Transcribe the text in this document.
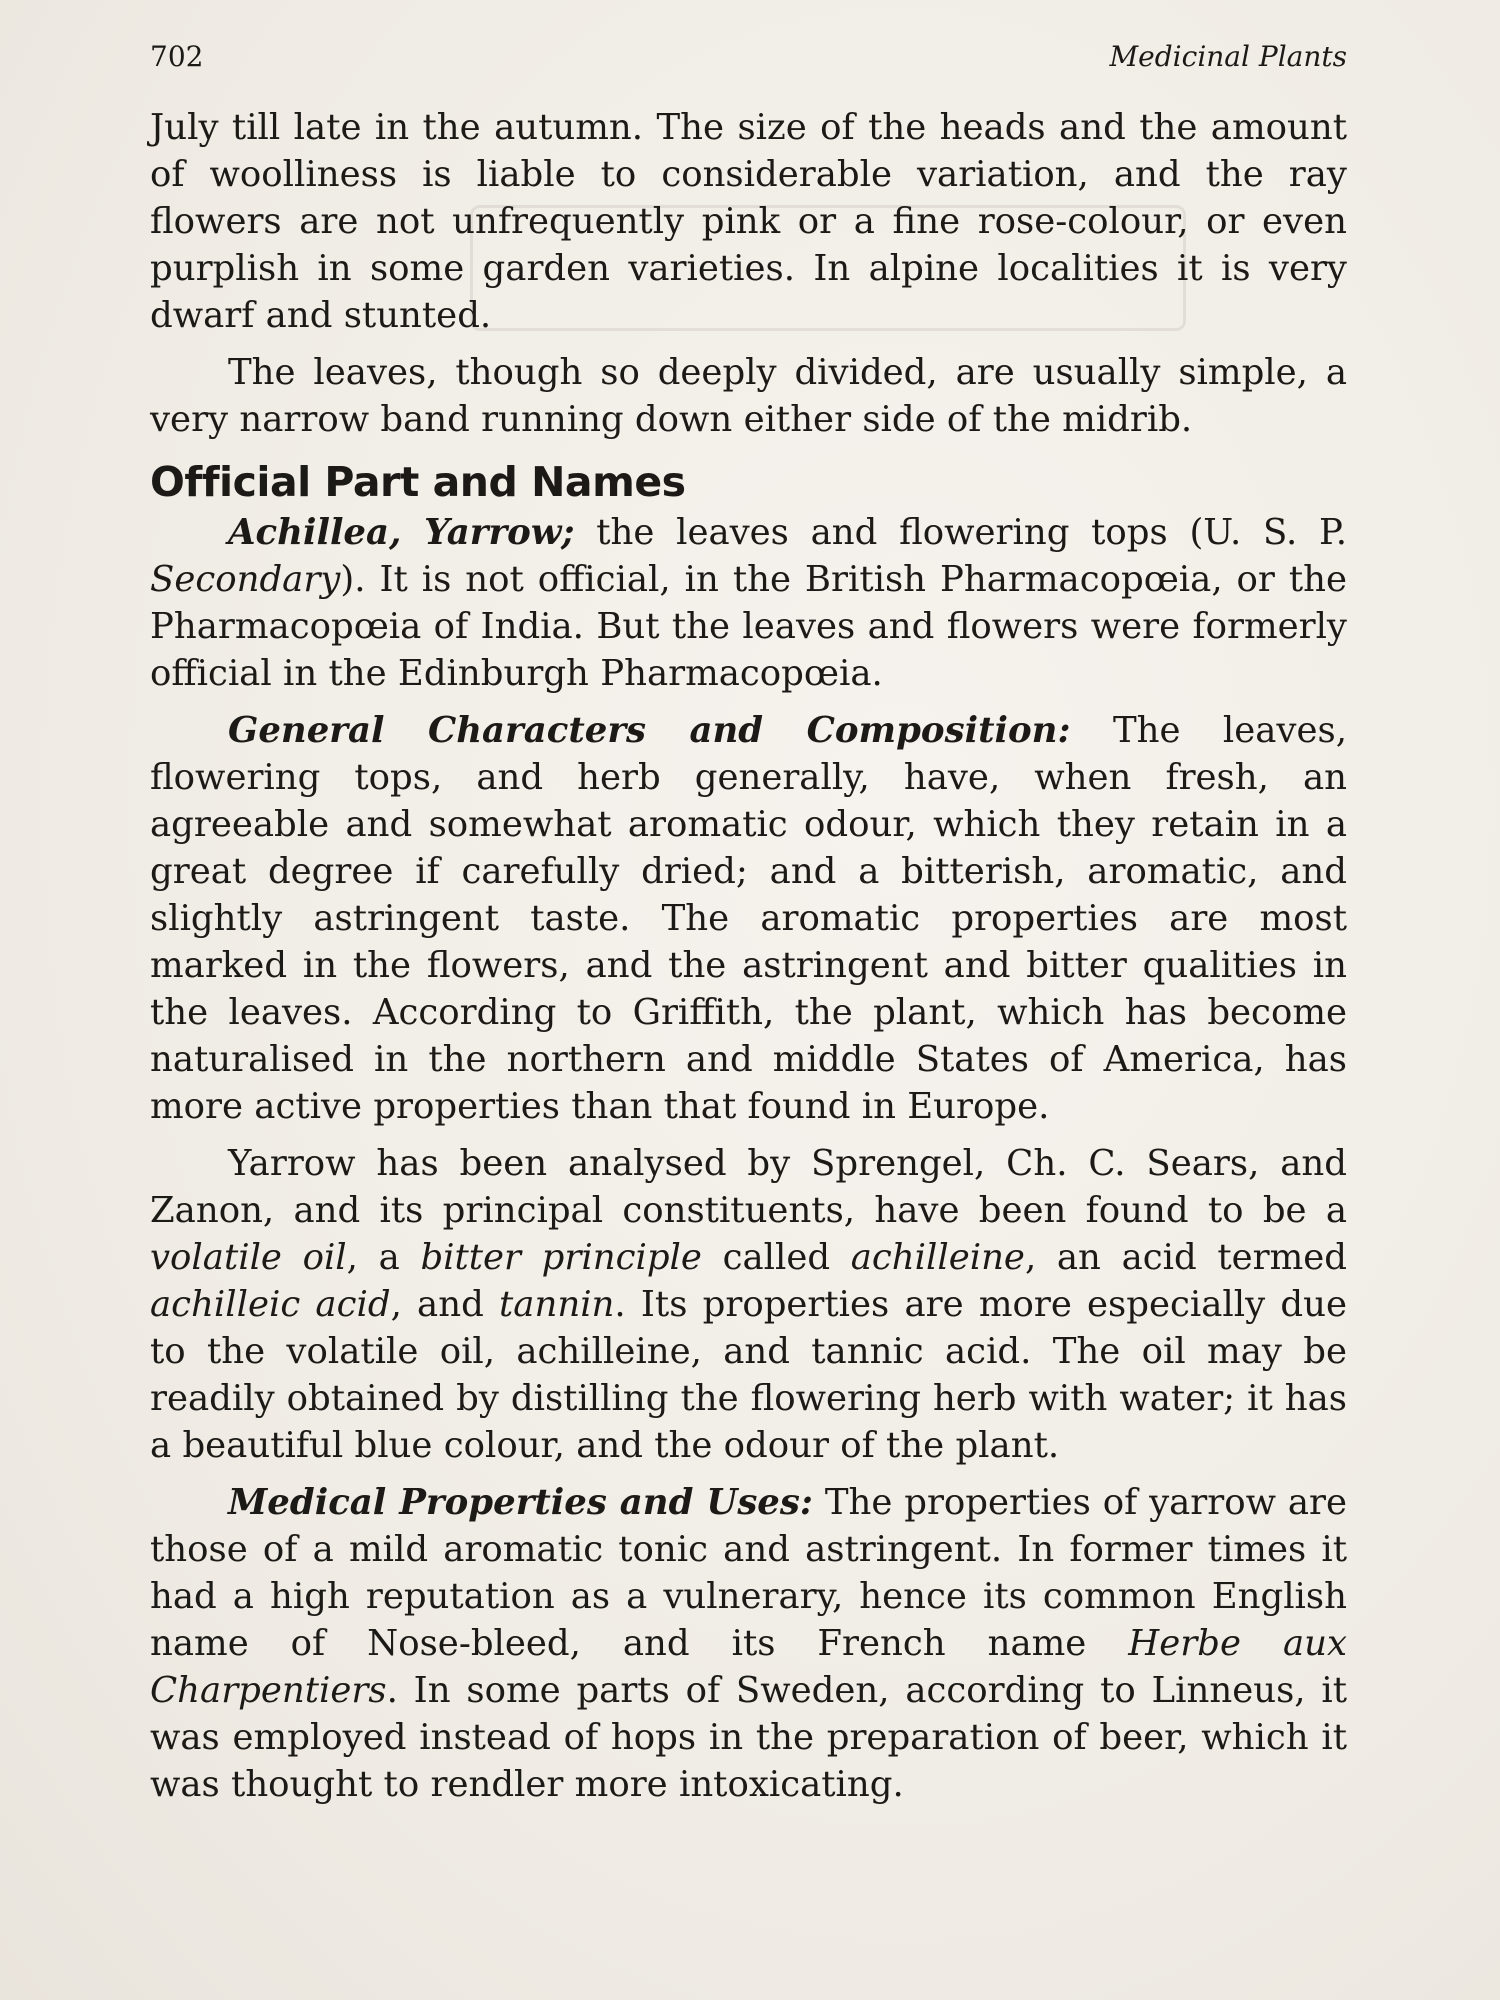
702	Medicinal Plants

July till late in the autumn. The size of the heads and the amount of woolliness is liable to considerable variation, and the ray flowers are not unfrequently pink or a fine rose-colour, or even purplish in some garden varieties. In alpine localities it is very dwarf and stunted.

The leaves, though so deeply divided, are usually simple, a very narrow band running down either side of the midrib.

Official Part and Names

Achillea, Yarrow; the leaves and flowering tops (U. S. P. Secondary). It is not official, in the British Pharmacopœia, or the Pharmacopœia of India. But the leaves and flowers were formerly official in the Edinburgh Pharmacopœia.

General Characters and Composition: The leaves, flowering tops, and herb generally, have, when fresh, an agreeable and somewhat aromatic odour, which they retain in a great degree if carefully dried; and a bitterish, aromatic, and slightly astringent taste. The aromatic properties are most marked in the flowers, and the astringent and bitter qualities in the leaves. According to Griffith, the plant, which has become naturalised in the northern and middle States of America, has more active properties than that found in Europe.

Yarrow has been analysed by Sprengel, Ch. C. Sears, and Zanon, and its principal constituents, have been found to be a volatile oil, a bitter principle called achilleine, an acid termed achilleic acid, and tannin. Its properties are more especially due to the volatile oil, achilleine, and tannic acid. The oil may be readily obtained by distilling the flowering herb with water; it has a beautiful blue colour, and the odour of the plant.

Medical Properties and Uses: The properties of yarrow are those of a mild aromatic tonic and astringent. In former times it had a high reputation as a vulnerary, hence its common English name of Nose-bleed, and its French name Herbe aux Charpentiers. In some parts of Sweden, according to Linneus, it was employed instead of hops in the preparation of beer, which it was thought to rendler more intoxicating.
